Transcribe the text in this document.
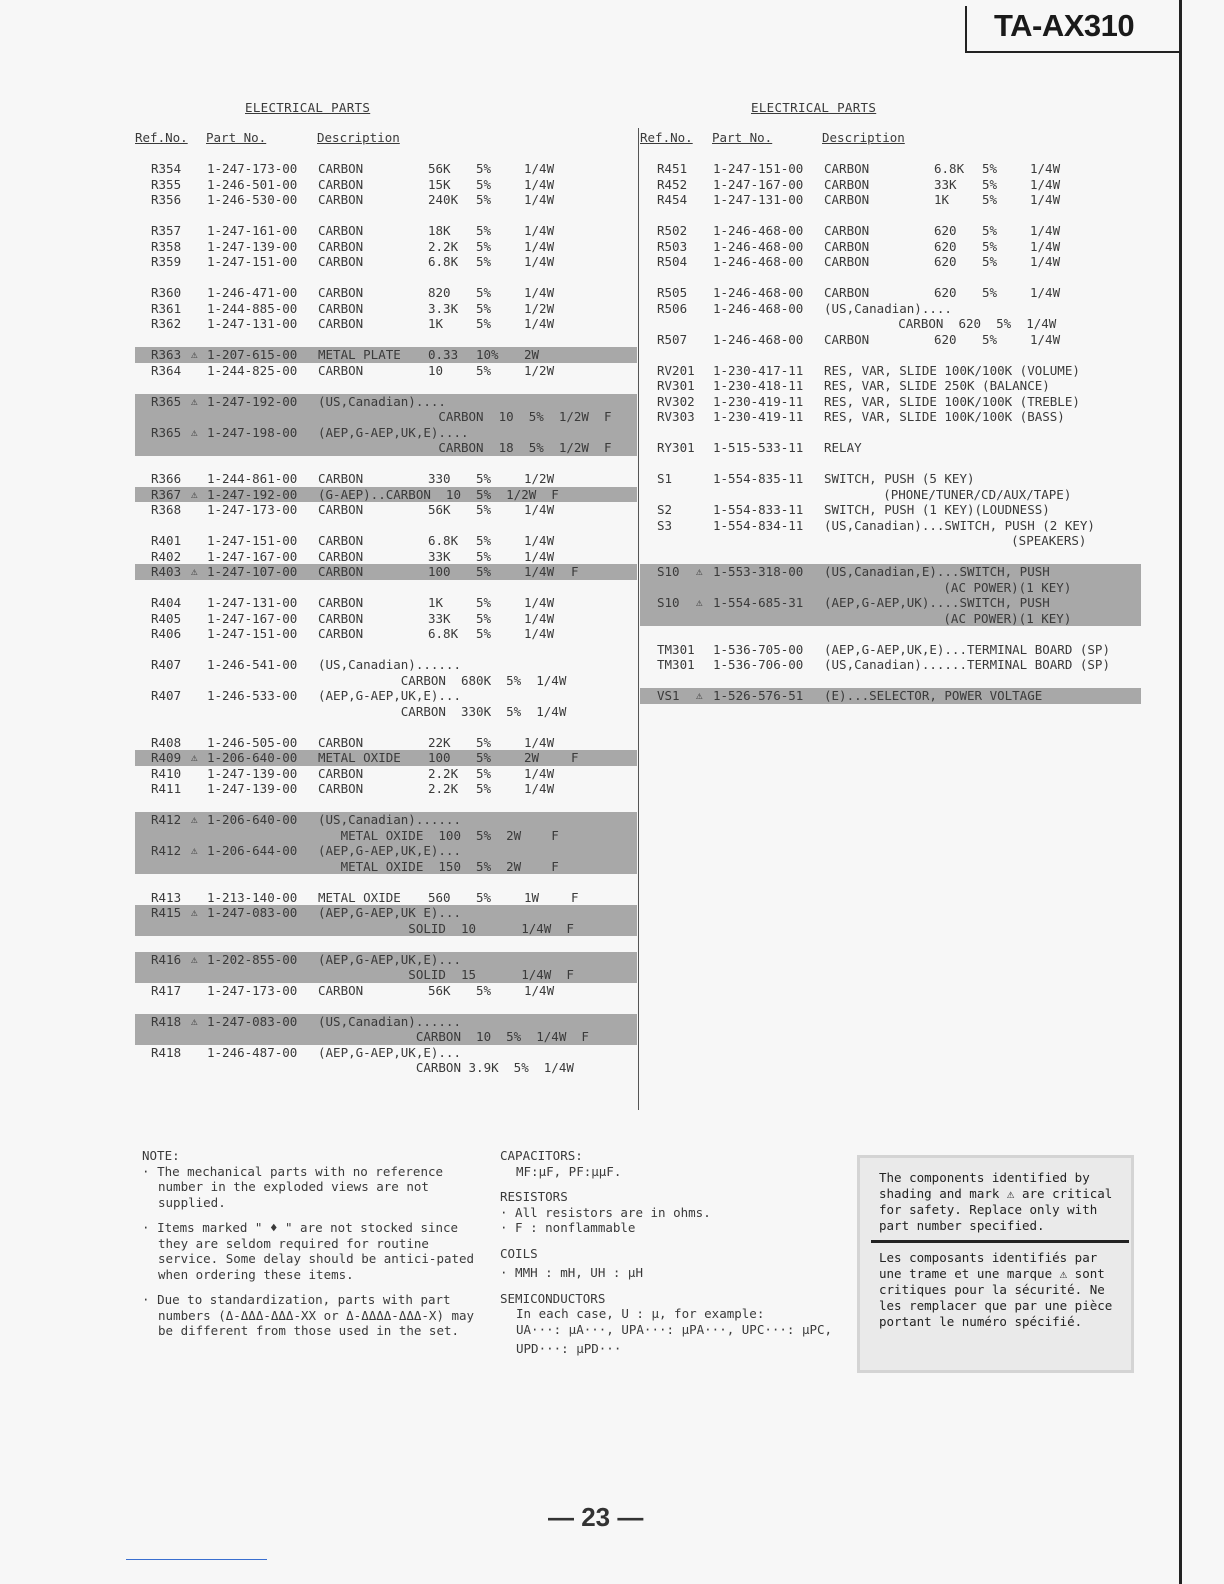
TA-AX310
ELECTRICAL PARTS	ELECTRICAL PARTS
Ref.No. Part No.	Description	Ref.No. Part No.	Description
R354 1-247-173-00 CARBON	56K 5%	1/4W
R355 1-246-501-00 CARBON	15K 5%	1/4W
R356 1-246-530-00 CARBON	240K 5%	1/4W
R357 1-247-161-00 CARBON	18K 5%	1/4W
R358 1-247-139-00 CARBON	2.2K 5%	1/4W
R359 1-247-151-00 CARBON	6.8K 5%	1/4W
R360 1-246-471-00 CARBON	820 5%	1/4W
R361 1-244-885-00 CARBON	3.3K 5%	1/2W
R362 1-247-131-00 CARBON	1K	5%	1/4W
R363 ⚠ 1-207-615-00 METAL PLATE 0.33 10% 2W
R364 1-244-825-00 CARBON	10	5%	1/2W
R365 ⚠ 1-247-192-00 (US,Canadian)....
CARBON  10  5%  1/2W  F
R365 ⚠ 1-247-198-00 (AEP,G-AEP,UK,E)....
CARBON  18  5%  1/2W  F
R366 1-244-861-00 CARBON	330 5%	1/2W
R367 ⚠ 1-247-192-00 (G-AEP)..CARBON  10  5%  1/2W  F
R368 1-247-173-00 CARBON	56K 5%	1/4W
R401 1-247-151-00 CARBON	6.8K 5%	1/4W
R402 1-247-167-00 CARBON	33K 5%	1/4W
R403 ⚠ 1-247-107-00 CARBON	100 5%	1/4W F
R404 1-247-131-00 CARBON	1K	5%	1/4W
R405 1-247-167-00 CARBON	33K 5%	1/4W
R406 1-247-151-00 CARBON	6.8K 5%	1/4W
R407 1-246-541-00 (US,Canadian)......
CARBON  680K  5%  1/4W
R407 1-246-533-00 (AEP,G-AEP,UK,E)...
CARBON  330K  5%  1/4W
R408 1-246-505-00 CARBON	22K 5%	1/4W
R409 ⚠ 1-206-640-00 METAL OXIDE 100 5%	2W	F
R410 1-247-139-00 CARBON	2.2K 5%	1/4W
R411 1-247-139-00 CARBON	2.2K 5%	1/4W
R412 ⚠ 1-206-640-00 (US,Canadian)......
METAL OXIDE  100  5%  2W    F
R412 ⚠ 1-206-644-00 (AEP,G-AEP,UK,E)...
METAL OXIDE  150  5%  2W    F
R413 1-213-140-00 METAL OXIDE 560 5%	1W	F
R415 ⚠ 1-247-083-00 (AEP,G-AEP,UK E)...
SOLID  10      1/4W  F
R416 ⚠ 1-202-855-00 (AEP,G-AEP,UK,E)...
SOLID  15      1/4W  F
R417 1-247-173-00 CARBON	56K 5%	1/4W
R418 ⚠ 1-247-083-00 (US,Canadian)......
CARBON  10  5%  1/4W  F
R418 1-246-487-00 (AEP,G-AEP,UK,E)...
CARBON 3.9K  5%  1/4W
R451 1-247-151-00 CARBON	6.8K 5%	1/4W
R452 1-247-167-00 CARBON	33K 5%	1/4W
R454 1-247-131-00 CARBON	1K	5%	1/4W
R502 1-246-468-00 CARBON	620 5%	1/4W
R503 1-246-468-00 CARBON	620 5%	1/4W
R504 1-246-468-00 CARBON	620 5%	1/4W
R505 1-246-468-00 CARBON	620 5%	1/4W
R506 1-246-468-00 (US,Canadian)....
CARBON  620  5%  1/4W
R507 1-246-468-00 CARBON	620 5%	1/4W
RV201 1-230-417-11 RES, VAR, SLIDE 100K/100K (VOLUME)
RV301 1-230-418-11 RES, VAR, SLIDE 250K (BALANCE)
RV302 1-230-419-11 RES, VAR, SLIDE 100K/100K (TREBLE)
RV303 1-230-419-11 RES, VAR, SLIDE 100K/100K (BASS)
RY301 1-515-533-11 RELAY
S1	1-554-835-11 SWITCH, PUSH (5 KEY)
(PHONE/TUNER/CD/AUX/TAPE)
S2	1-554-833-11 SWITCH, PUSH (1 KEY)(LOUDNESS)
S3	1-554-834-11 (US,Canadian)...SWITCH, PUSH (2 KEY)
(SPEAKERS)
S10 ⚠ 1-553-318-00 (US,Canadian,E)...SWITCH, PUSH
(AC POWER)(1 KEY)
S10 ⚠ 1-554-685-31 (AEP,G-AEP,UK)....SWITCH, PUSH
(AC POWER)(1 KEY)
TM301 1-536-705-00 (AEP,G-AEP,UK,E)...TERMINAL BOARD (SP)
TM301 1-536-706-00 (US,Canadian)......TERMINAL BOARD (SP)
VS1 ⚠ 1-526-576-51 (E)...SELECTOR, POWER VOLTAGE
NOTE:

· The mechanical parts with no reference number in the exploded views are not supplied.

· Items marked " ♦ " are not stocked since they are seldom required for routine service. Some delay should be antici-pated when ordering these items.

· Due to standardization, parts with part numbers (Δ-ΔΔΔ-ΔΔΔ-XX or Δ-ΔΔΔΔ-ΔΔΔ-X) may be different from those used in the set.

CAPACITORS:
MF:μF, PF:μμF.
RESISTORS
· All resistors are in ohms.
· F : nonflammable
COILS
· MMH : mH, UH : μH
SEMICONDUCTORS
In each case, U : μ, for example:
UA···: μA···, UPA···: μPA···, UPC···: μPC,
UPD···: μPD···
The components identified by shading and mark ⚠ are critical for safety. Replace only with part number specified.
Les composants identifiés par une trame et une marque ⚠ sont critiques pour la sécurité. Ne les remplacer que par une pièce portant le numéro spécifié.
— 23 —
